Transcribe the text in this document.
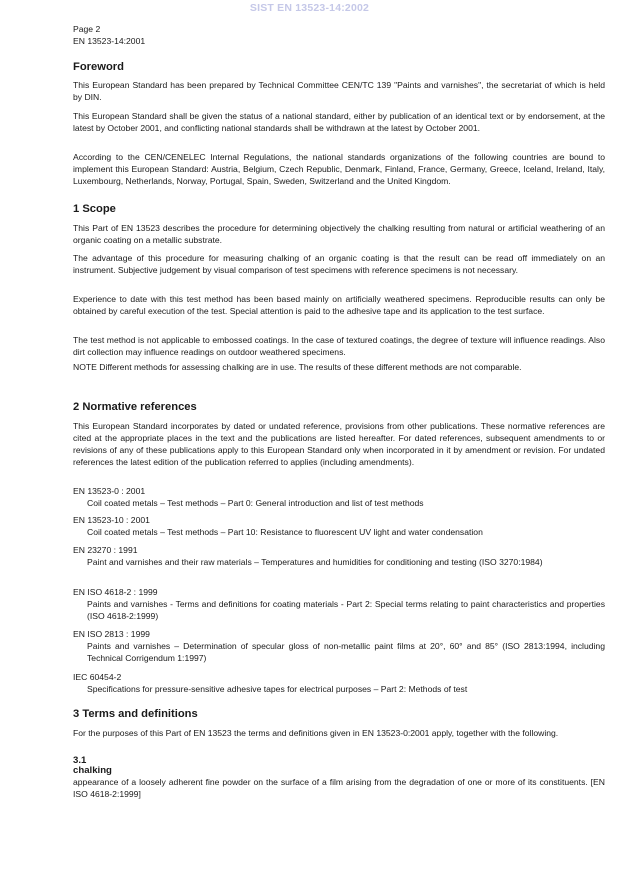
SIST EN 13523-14:2002
Page 2
EN 13523-14:2001
Foreword
This European Standard has been prepared by Technical Committee CEN/TC 139 "Paints and varnishes", the secretariat of which is held by DIN.
This European Standard shall be given the status of a national standard, either by publication of an identical text or by endorsement, at the latest by October 2001, and conflicting national standards shall be withdrawn at the latest by October 2001.
According to the CEN/CENELEC Internal Regulations, the national standards organizations of the following countries are bound to implement this European Standard: Austria, Belgium, Czech Republic, Denmark, Finland, France, Germany, Greece, Iceland, Ireland, Italy, Luxembourg, Netherlands, Norway, Portugal, Spain, Sweden, Switzerland and the United Kingdom.
1 Scope
This Part of EN 13523 describes the procedure for determining objectively the chalking resulting from natural or artificial weathering of an organic coating on a metallic substrate.
The advantage of this procedure for measuring chalking of an organic coating is that the result can be read off immediately on an instrument. Subjective judgement by visual comparison of test specimens with reference specimens is not necessary.
Experience to date with this test method has been based mainly on artificially weathered specimens. Reproducible results can only be obtained by careful execution of the test. Special attention is paid to the adhesive tape and its application to the test surface.
The test method is not applicable to embossed coatings. In the case of textured coatings, the degree of texture will influence readings. Also dirt collection may influence readings on outdoor weathered specimens.
NOTE Different methods for assessing chalking are in use. The results of these different methods are not comparable.
2 Normative references
This European Standard incorporates by dated or undated reference, provisions from other publications. These normative references are cited at the appropriate places in the text and the publications are listed hereafter. For dated references, subsequent amendments to or revisions of any of these publications apply to this European Standard only when incorporated in it by amendment or revision. For undated references the latest edition of the publication referred to applies (including amendments).
EN 13523-0 : 2001
Coil coated metals – Test methods – Part 0: General introduction and list of test methods
EN 13523-10 : 2001
Coil coated metals – Test methods – Part 10: Resistance to fluorescent UV light and water condensation
EN 23270 : 1991
Paint and varnishes and their raw materials – Temperatures and humidities for conditioning and testing (ISO 3270:1984)
EN ISO 4618-2 : 1999
Paints and varnishes - Terms and definitions for coating materials - Part 2: Special terms relating to paint characteristics and properties (ISO 4618-2:1999)
EN ISO 2813 : 1999
Paints and varnishes – Determination of specular gloss of non-metallic paint films at 20°, 60° and 85° (ISO 2813:1994, including Technical Corrigendum 1:1997)
IEC 60454-2
Specifications for pressure-sensitive adhesive tapes for electrical purposes – Part 2: Methods of test
3 Terms and definitions
For the purposes of this Part of EN 13523 the terms and definitions given in EN 13523-0:2001 apply, together with the following.
3.1
chalking
appearance of a loosely adherent fine powder on the surface of a film arising from the degradation of one or more of its constituents. [EN ISO 4618-2:1999]
